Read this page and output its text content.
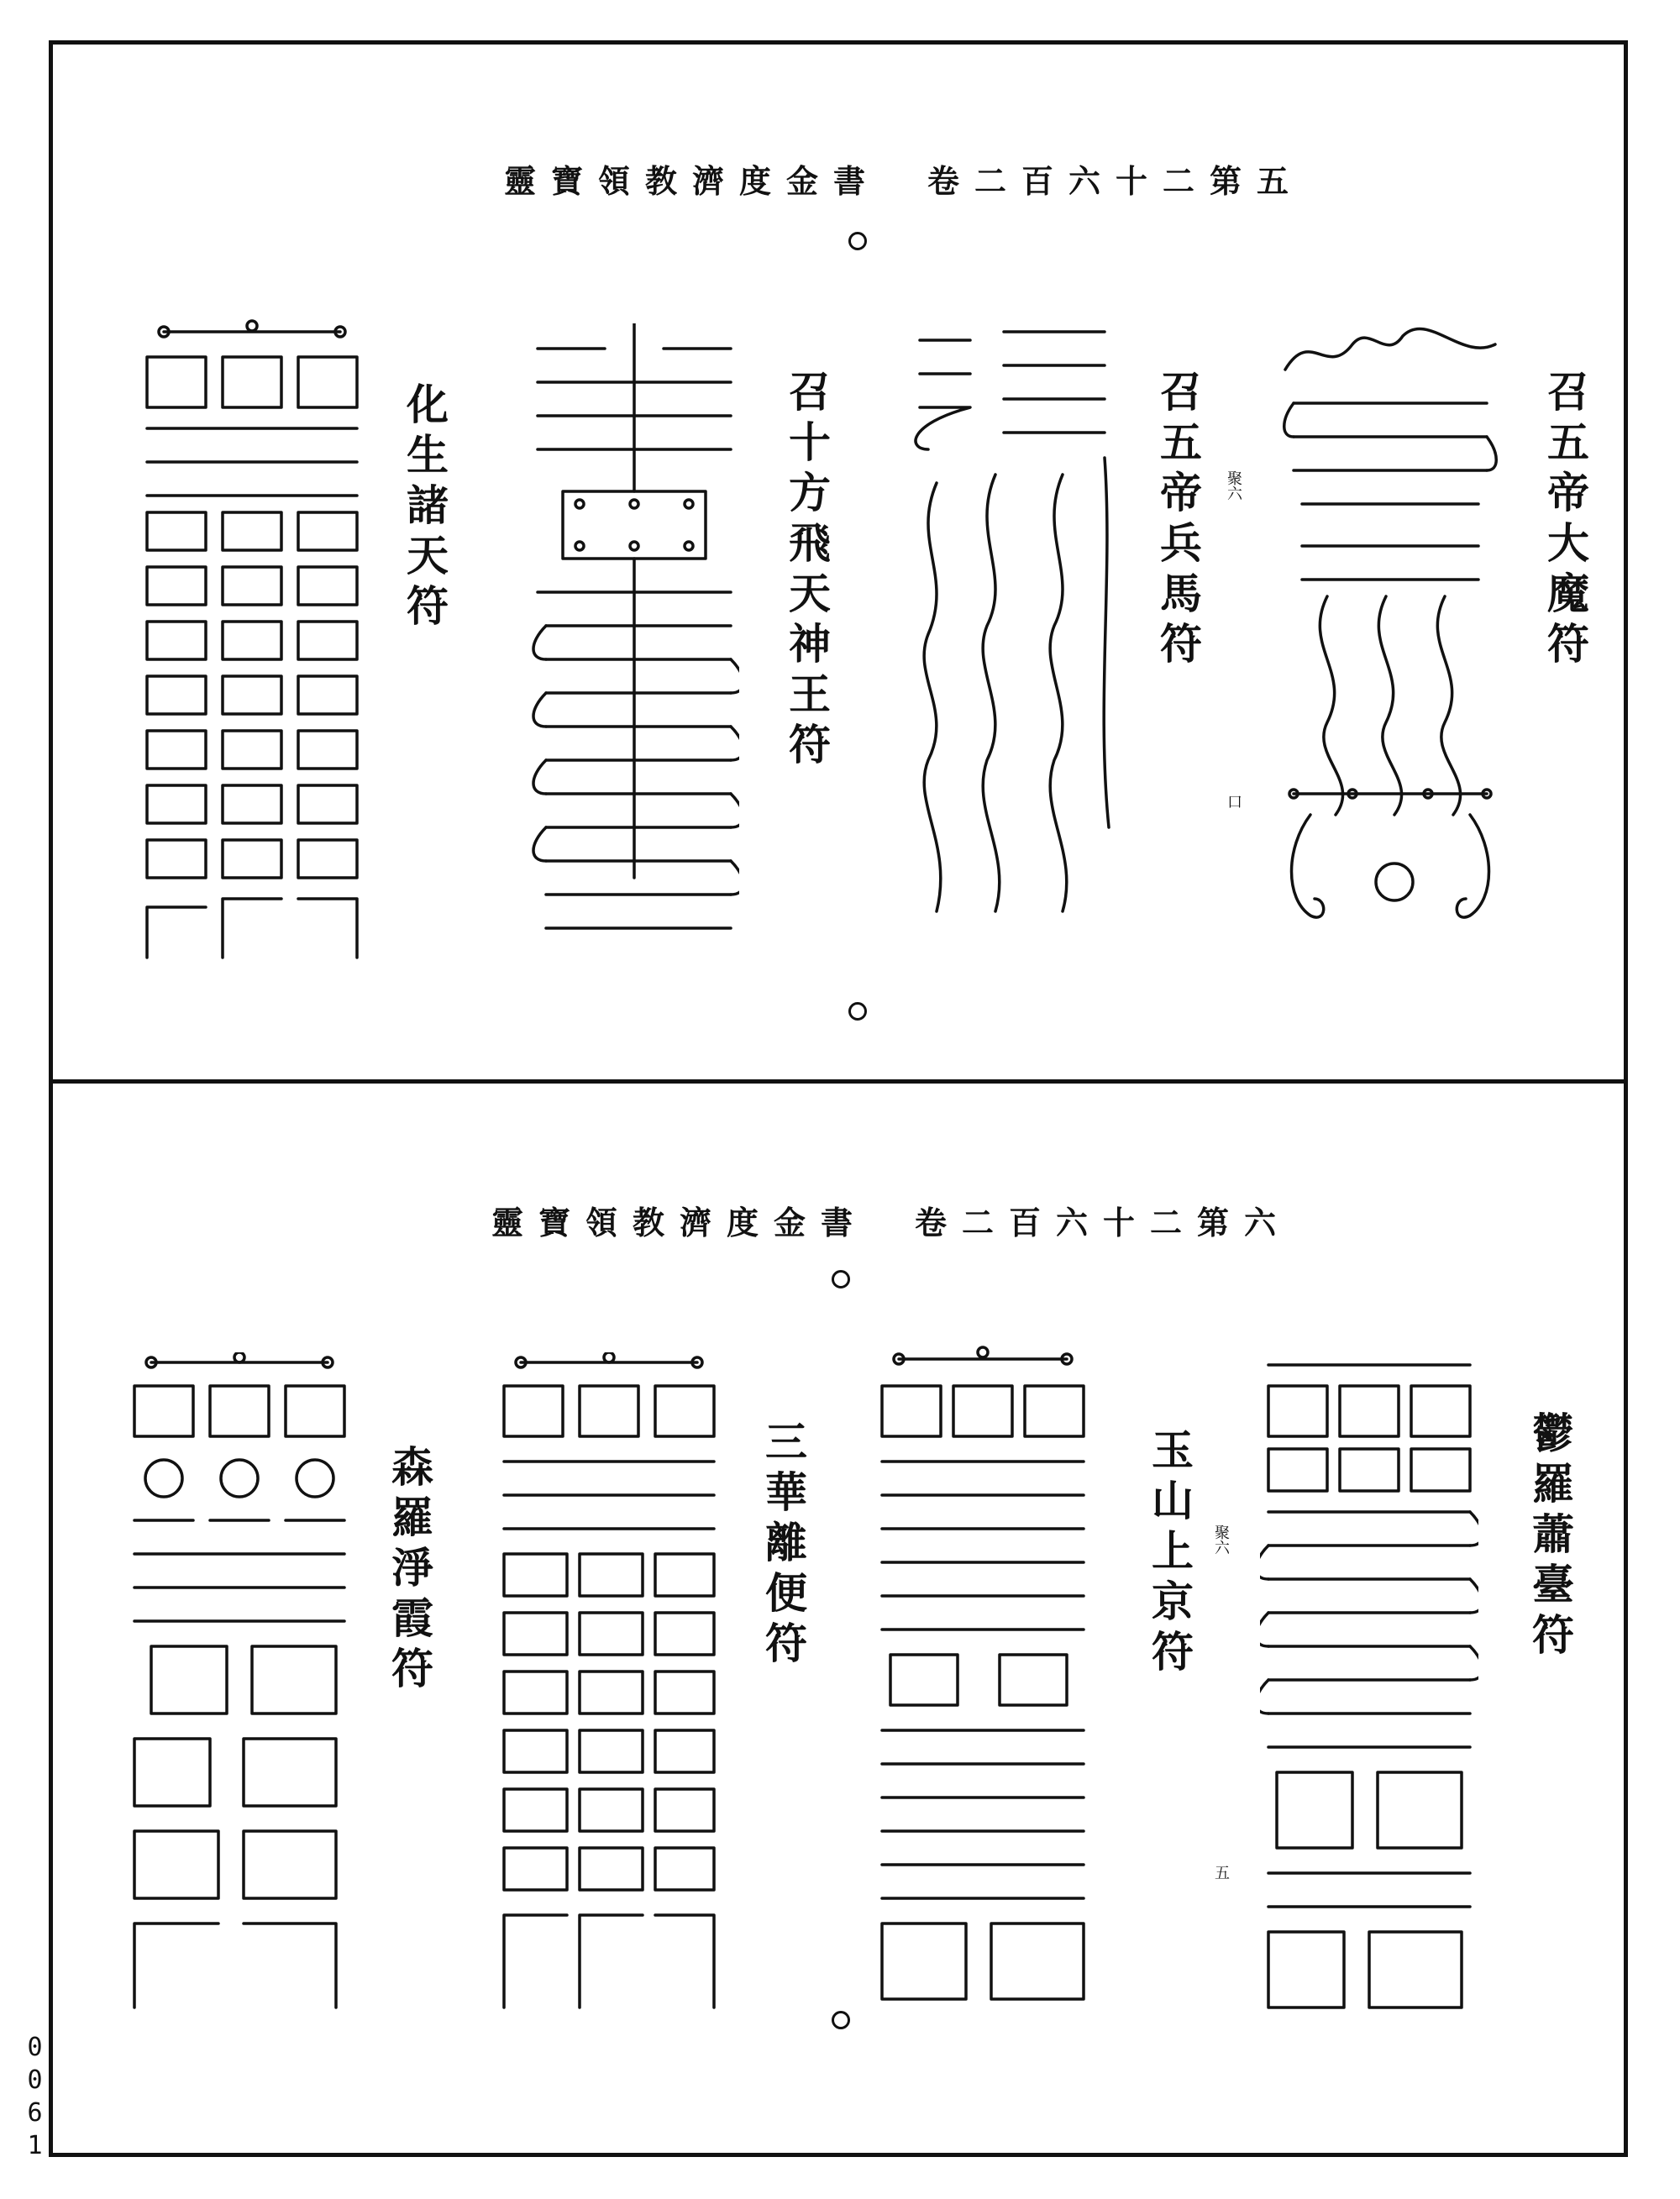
靈寶領教濟度金書　卷二百六十二第五
召五帝大魔符
召五帝兵馬符
召十方飛天神王符
化生諸天符	聚六
口
靈寶領教濟度金書　卷二百六十二第六
鬱羅蕭臺符
玉山上京符
三華離便符
森羅淨霞符	聚六
五
0061
